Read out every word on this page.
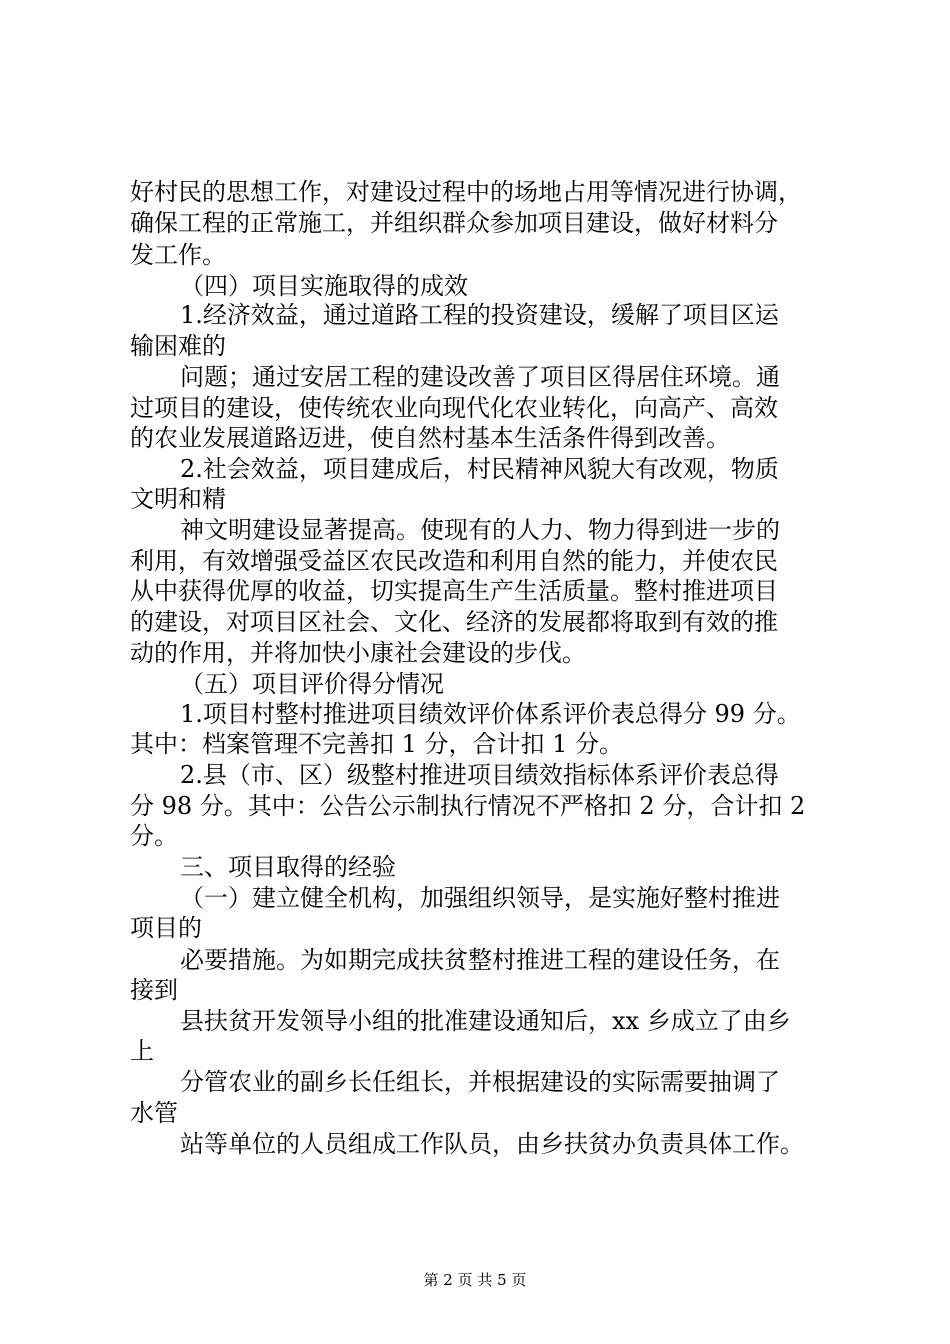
好村民的思想工作，对建设过程中的场地占用等情况进行协调，
确保工程的正常施工，并组织群众参加项目建设，做好材料分
发工作。
（四）项目实施取得的成效
1.经济效益，通过道路工程的投资建设，缓解了项目区运
输困难的
问题；通过安居工程的建设改善了项目区得居住环境。通
过项目的建设，使传统农业向现代化农业转化，向高产、高效
的农业发展道路迈进，使自然村基本生活条件得到改善。
2.社会效益，项目建成后，村民精神风貌大有改观，物质
文明和精
神文明建设显著提高。使现有的人力、物力得到进一步的
利用，有效增强受益区农民改造和利用自然的能力，并使农民
从中获得优厚的收益，切实提高生产生活质量。整村推进项目
的建设，对项目区社会、文化、经济的发展都将取到有效的推
动的作用，并将加快小康社会建设的步伐。
（五）项目评价得分情况
1.项目村整村推进项目绩效评价体系评价表总得分 99 分。
其中：档案管理不完善扣 1 分，合计扣 1 分。
2.县（市、区）级整村推进项目绩效指标体系评价表总得
分 98 分。其中：公告公示制执行情况不严格扣 2 分，合计扣 2
分。
三、项目取得的经验
（一）建立健全机构，加强组织领导，是实施好整村推进
项目的
必要措施。为如期完成扶贫整村推进工程的建设任务，在
接到
县扶贫开发领导小组的批准建设通知后，xx 乡成立了由乡
上
分管农业的副乡长任组长，并根据建设的实际需要抽调了
水管
站等单位的人员组成工作队员，由乡扶贫办负责具体工作。
第 2 页 共 5 页
